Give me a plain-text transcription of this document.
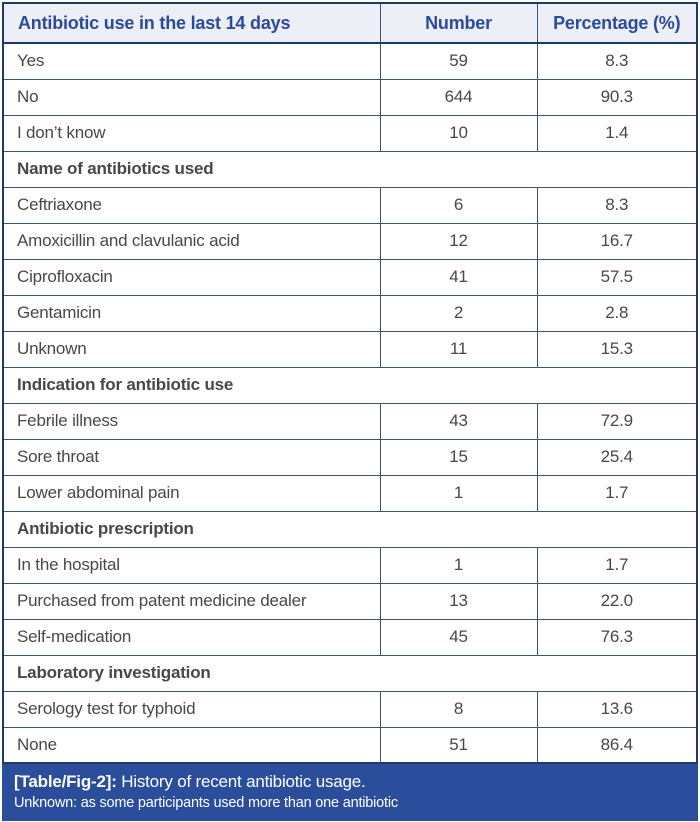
Antibiotic use in the last 14 days	Number	Percentage (%)
Yes	59	8.3
No	644	90.3
I don’t know	10	1.4
Name of antibiotics used		
Ceftriaxone	6	8.3
Amoxicillin and clavulanic acid	12	16.7
Ciprofloxacin	41	57.5
Gentamicin	2	2.8
Unknown	11	15.3
Indication for antibiotic use		
Febrile illness	43	72.9
Sore throat	15	25.4
Lower abdominal pain	1	1.7
Antibiotic prescription		
In the hospital	1	1.7
Purchased from patent medicine dealer	13	22.0
Self-medication	45	76.3
Laboratory investigation		
Serology test for typhoid	8	13.6
None	51	86.4
[Table/Fig-2]: History of recent antibiotic usage.
Unknown: as some participants used more than one antibiotic
